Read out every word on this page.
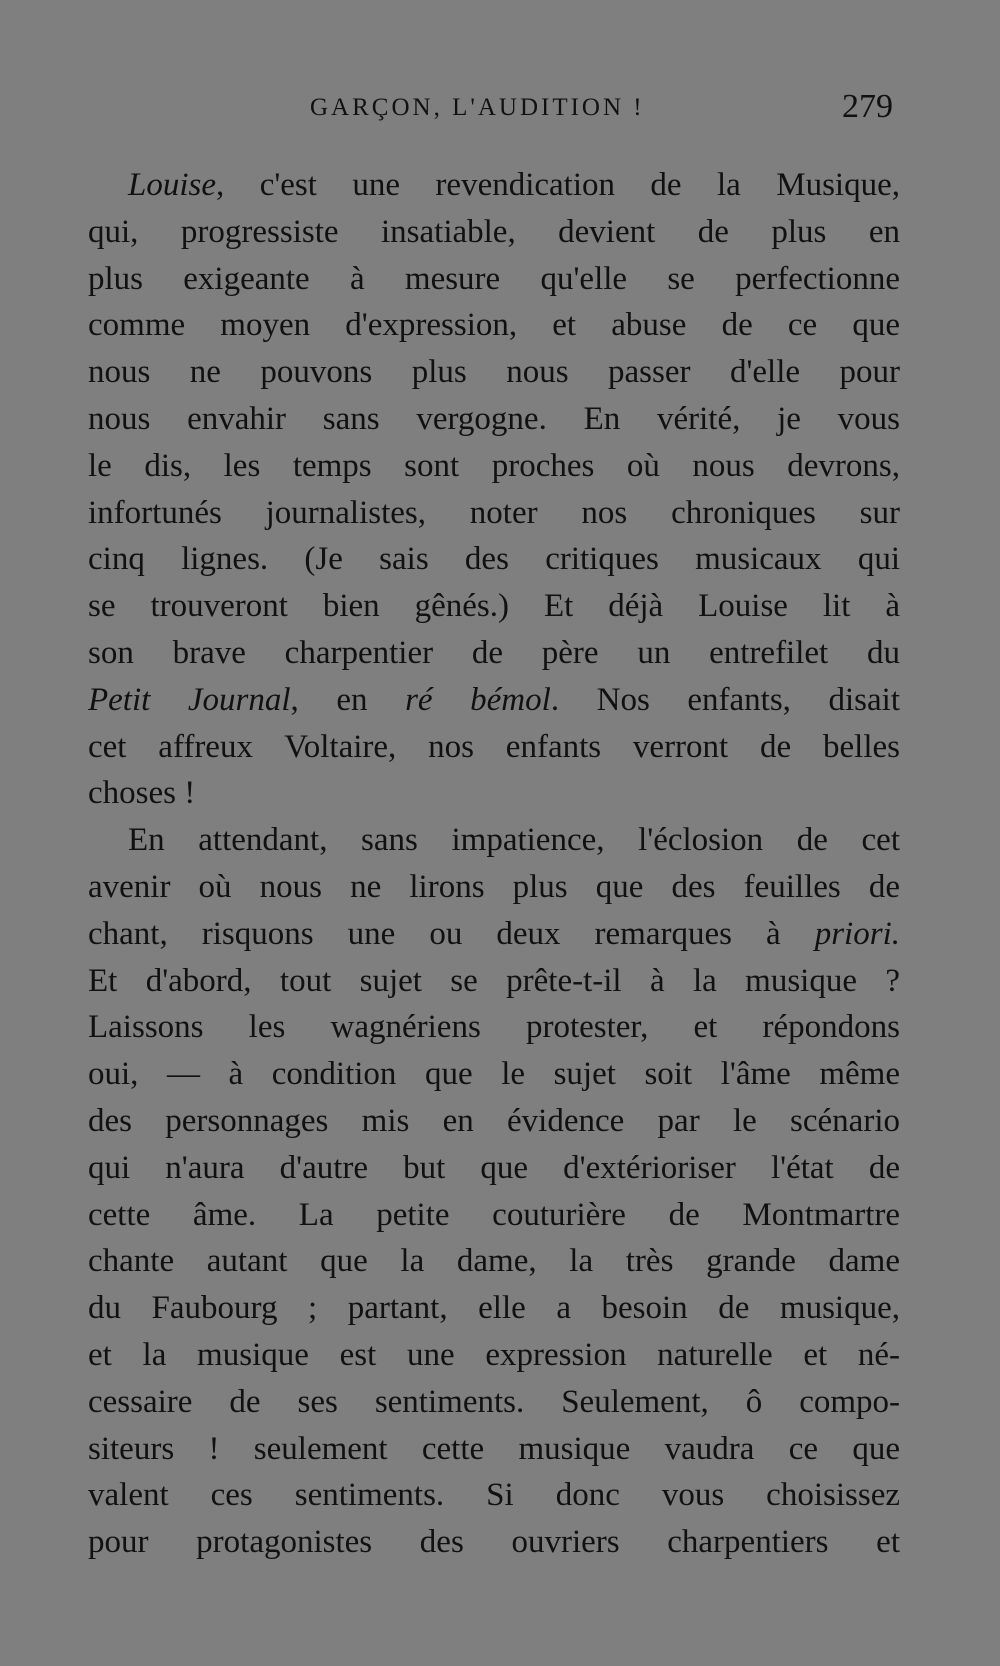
GARÇON, L'AUDITION !	279
Louise, c'est une revendication de la Musique,
qui, progressiste insatiable, devient de plus en
plus exigeante à mesure qu'elle se perfectionne
comme moyen d'expression, et abuse de ce que
nous ne pouvons plus nous passer d'elle pour
nous envahir sans vergogne. En vérité, je vous
le dis, les temps sont proches où nous devrons,
infortunés journalistes, noter nos chroniques sur
cinq lignes. (Je sais des critiques musicaux qui
se trouveront bien gênés.) Et déjà Louise lit à
son brave charpentier de père un entrefilet du
Petit Journal, en ré bémol. Nos enfants, disait
cet affreux Voltaire, nos enfants verront de belles
choses !
En attendant, sans impatience, l'éclosion de cet
avenir où nous ne lirons plus que des feuilles de
chant, risquons une ou deux remarques à priori.
Et d'abord, tout sujet se prête-t-il à la musique ?
Laissons les wagnériens protester, et répondons
oui, — à condition que le sujet soit l'âme même
des personnages mis en évidence par le scénario
qui n'aura d'autre but que d'extérioriser l'état de
cette âme. La petite couturière de Montmartre
chante autant que la dame, la très grande dame
du Faubourg ; partant, elle a besoin de musique,
et la musique est une expression naturelle et né-
cessaire de ses sentiments. Seulement, ô compo-
siteurs ! seulement cette musique vaudra ce que
valent ces sentiments. Si donc vous choisissez
pour protagonistes des ouvriers charpentiers et
